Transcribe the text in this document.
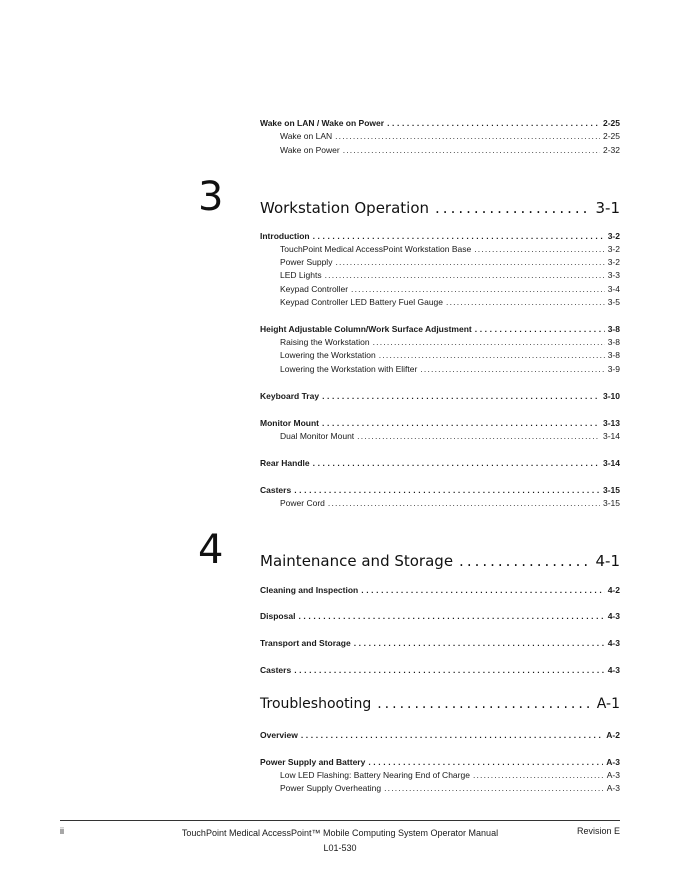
Wake on LAN / Wake on Power .....	2-25
Wake on LAN .....	2-25
Wake on Power .....	2-32
3 Workstation Operation .....	3-1
Introduction .....	3-2
TouchPoint Medical AccessPoint Workstation Base .....	3-2
Power Supply .....	3-2
LED Lights .....	3-3
Keypad Controller .....	3-4
Keypad Controller LED Battery Fuel Gauge .....	3-5
Height Adjustable Column/Work Surface Adjustment .....	3-8
Raising the Workstation .....	3-8
Lowering the Workstation .....	3-8
Lowering the Workstation with Elifter .....	3-9
Keyboard Tray .....	3-10
Monitor Mount .....	3-13
Dual Monitor Mount .....	3-14
Rear Handle .....	3-14
Casters .....	3-15
Power Cord .....	3-15
4 Maintenance and Storage .....	4-1
Cleaning and Inspection .....	4-2
Disposal .....	4-3
Transport and Storage .....	4-3
Casters .....	4-3
Troubleshooting .....	A-1
Overview .....	A-2
Power Supply and Battery .....	A-3
Low LED Flashing: Battery Nearing End of Charge .....	A-3
Power Supply Overheating .....	A-3
ii	TouchPoint Medical AccessPoint™ Mobile Computing System Operator Manual
L01-530
Revision E
